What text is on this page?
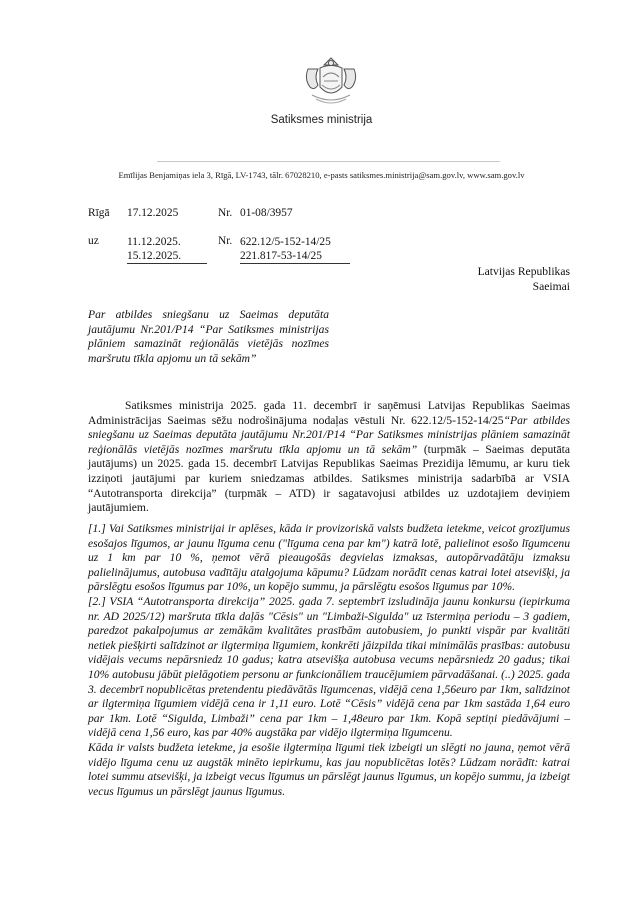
Satiksmes ministrija
Emīlijas Benjamiņas iela 3, Rīgā, LV-1743, tālr. 67028210, e-pasts satiksmes.ministrija@sam.gov.lv, www.sam.gov.lv
Rīgā 17.12.2025	Nr. 01-08/3957
uz 11.12.2025.
15.12.2025.
Nr. 622.12/5-152-14/25
221.817-53-14/25
Latvijas Republikas
Saeimai
Par atbildes sniegšanu uz Saeimas deputāta jautājumu Nr.201/P14 “Par Satiksmes ministrijas plāniem samazināt reģionālās vietējās nozīmes maršrutu tīkla apjomu un tā sekām”
Satiksmes ministrija 2025. gada 11. decembrī ir saņēmusi Latvijas Republikas Saeimas Administrācijas Saeimas sēžu nodrošinājuma nodaļas vēstuli Nr. 622.12/5-152-14/25“Par atbildes sniegšanu uz Saeimas deputāta jautājumu Nr.201/P14 “Par Satiksmes ministrijas plāniem samazināt reģionālās vietējās nozīmes maršrutu tīkla apjomu un tā sekām” (turpmāk – Saeimas deputāta jautājums) un 2025. gada 15. decembrī Latvijas Republikas Saeimas Prezidija lēmumu, ar kuru tiek izziņoti jautājumi par kuriem sniedzamas atbildes. Satiksmes ministrija sadarbībā ar VSIA “Autotransporta direkcija” (turpmāk – ATD) ir sagatavojusi atbildes uz uzdotajiem deviņiem jautājumiem.

[1.] Vai Satiksmes ministrijai ir aplēses, kāda ir provizoriskā valsts budžeta ietekme, veicot grozījumus esošajos līgumos, ar jaunu līguma cenu ("līguma cena par km") katrā lotē, palielinot esošo līgumcenu uz 1 km par 10 %, ņemot vērā pieaugošās degvielas izmaksas, autopārvadātāju izmaksu palielinājumus, autobusa vadītāju atalgojuma kāpumu? Lūdzam norādīt cenas katrai lotei atsevišķi, ja pārslēgtu esošos līgumus par 10%, un kopējo summu, ja pārslēgtu esošos līgumus par 10%.

[2.] VSIA “Autotransporta direkcija” 2025. gada 7. septembrī izsludināja jaunu konkursu (iepirkuma nr. AD 2025/12) maršruta tīkla daļās "Cēsis" un "Limbaži-Sigulda" uz īstermiņa periodu – 3 gadiem, paredzot pakalpojumus ar zemākām kvalitātes prasībām autobusiem, jo punkti vispār par kvalitāti netiek piešķirti salīdzinot ar ilgtermiņa līgumiem, konkrēti jāizpilda tikai minimālās prasības: autobusu vidējais vecums nepārsniedz 10 gadus; katra atsevišķa autobusa vecums nepārsniedz 20 gadus; tikai 10% autobusu jābūt pielāgotiem personu ar funkcionāliem traucējumiem pārvadāšanai. (..) 2025. gada 3. decembrī nopublicētas pretendentu piedāvātās līgumcenas, vidējā cena 1,56euro par 1km, salīdzinot ar ilgtermiņa līgumiem vidējā cena ir 1,11 euro. Lotē “Cēsis” vidējā cena par 1km sastāda 1,64 euro par 1km. Lotē “Sigulda, Limbaži” cena par 1km – 1,48euro par 1km. Kopā septiņi piedāvājumi – vidējā cena 1,56 euro, kas par 40% augstāka par vidējo ilgtermiņa līgumcenu.

Kāda ir valsts budžeta ietekme, ja esošie ilgtermiņa līgumi tiek izbeigti un slēgti no jauna, ņemot vērā vidējo līguma cenu uz augstāk minēto iepirkumu, kas jau nopublicētas lotēs? Lūdzam norādīt: katrai lotei summu atsevišķi, ja izbeigt vecus līgumus un pārslēgt jaunus līgumus, un kopējo summu, ja izbeigt vecus līgumus un pārslēgt jaunus līgumus.
